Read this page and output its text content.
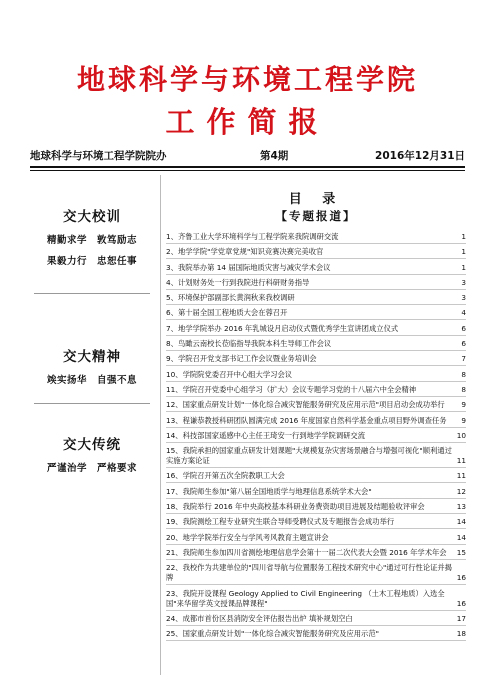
地球科学与环境工程学院
工作简报
地球科学与环境工程学院院办	第4期	2016年12月31日
交大校训
精勤求学　敦笃励志
果毅力行　忠恕任事
交大精神
竢实扬华　自强不息
交大传统
严谨治学　严格要求
目 录
【专题报道】
1、齐鲁工业大学环境科学与工程学院来我院调研交流	1
2、地学学院"学党章党规"知识竞赛决赛完美收官	1
3、我院举办第 14 届国际地质灾害与减灾学术会议	1
4、计划财务处一行到我院进行科研财务指导	3
5、环境保护部副部长黄润秋来我校调研	3
6、第十届全国工程地质大会在蓉召开	4
7、地学学院举办 2016 年乳城设月启动仪式暨优秀学生宣讲团成立仪式	6
8、鸟瞰云南校长莅临指导我院本科生导师工作会议	6
9、学院召开党支部书记工作会议暨业务培训会	7
10、学院院党委召开中心组大学习会议	8
11、学院召开党委中心组学习（扩大）会议专题学习党的十八届六中全会精神	8
12、国家重点研发计划"一体化综合减灾智能服务研究及应用示范"项目启动会成功举行 9
13、程谦恭教授科研团队圆满完成 2016 年度国家自然科学基金重点项目野外调查任务 9
14、科技部国家遥感中心主任王琦安一行到地学学院调研交流	10
15、我院承担的国家重点研发计划课题"大规模复杂灾害场景融合与增强可视化"顺利通过实施方案论证	11
16、学院召开第五次全院教职工大会	11
17、我院师生参加"第八届全国地质学与地理信息系统学术大会"	12
18、我院举行 2016 年中央高校基本科研业务费资助项目进展及结题验收评审会	13
19、我院测绘工程专业研究生联合导师受聘仪式及专题报告会成功举行	14
20、地学学院举行安全与学风考风教育主题宣讲会	14
21、我院师生参加四川省测绘地理信息学会第十一届二次代表大会暨 2016 年学术年会 15
22、我校作为共建单位的"四川省导航与位置服务工程技术研究中心"通过可行性论证并揭牌	16
23、我院开设课程 Geology Applied to Civil Engineering （土木工程地质）入选全国"来华留学英文授课品牌课程"	16
24、成都市首份区县消防安全评估报告出炉 填补规划空白	17
25、国家重点研发计划"一体化综合减灾智能服务研究及应用示范"	18
